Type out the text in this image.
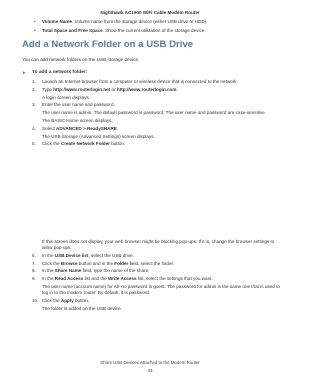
Nighthawk AC1900 WiFi Cable Modem Router
• Volume Name. Volume name from the storage device (either USB drive or HDD).
• Total Space and Free Space. Show the current utilization of the storage device.
Add a Network Folder on a USB Drive

You can add network folders on the USB storage device.

► To add a network folder:
1. Launch an Internet browser from a computer or wireless device that is connected to the network.
2. Type http://www.routerlogin.net or http://www.routerlogin.com.
A login screen displays.
3. Enter the user name and password.
The user name is admin. The default password is password. The user name and password are case-sensitive.
The BASIC Home screen displays.
4. Select ADVANCED > ReadySHARE.
The USB Storage (Advanced Settings) screen displays.
5. Click the Create Network Folder button.

If this screen does not display, your web browser might be blocking pop-ups. If it is, change the browser settings to allow pop-ups.

6. In the USB Device list, select the USB drive.
7. Click the Browse button and in the Folder field, select the folder.
8. In the Share Name field, type the name of the share.
9. In the Read Access list and the Write Access list, select the settings that you want.
The user name (account name) for All–no password is guest. The password for admin is the same one that is used to log in to the modem router. By default, it is password.
10. Click the Apply button.
The folder is added on the USB device.
Share USB Devices Attached to the Modem Router
43
